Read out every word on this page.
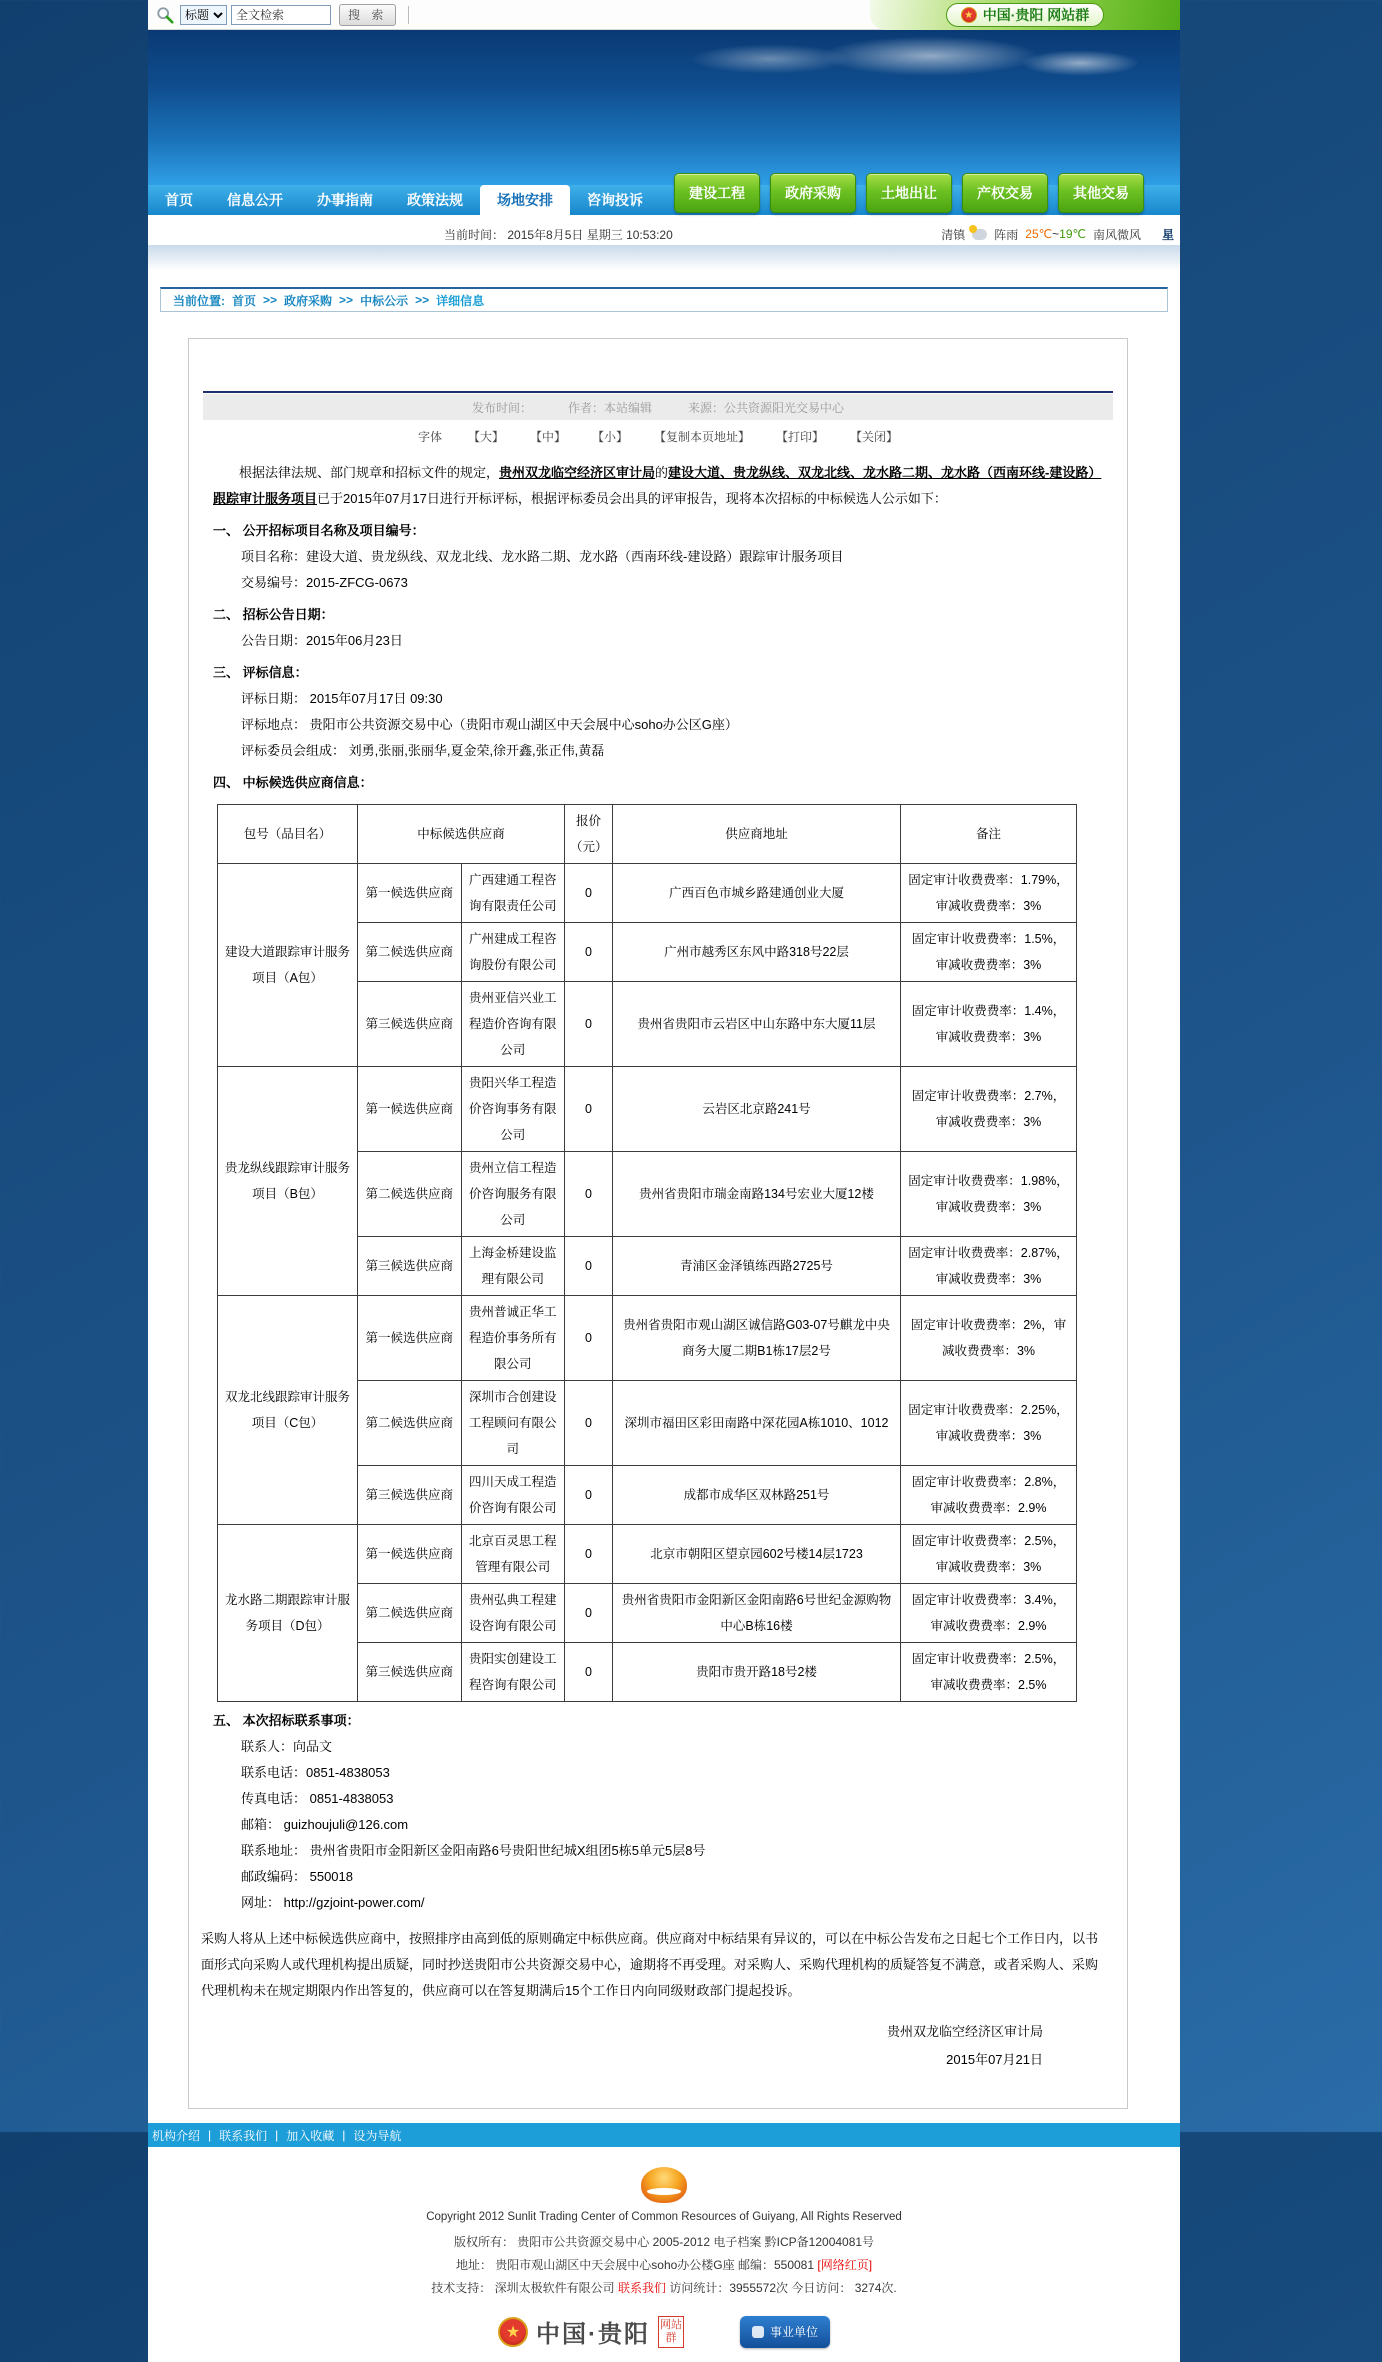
标题
全文检索
搜 索	★ 中国·贵阳 网站群
首页	信息公开	办事指南	政策法规	场地安排	咨询投诉	建设工程	政府采购	土地出让	产权交易	其他交易
当前时间： 2015年8月5日 星期三 10:53:20	清镇 阵雨 25℃~19℃ 南风微风 星
当前位置: 首页 >> 政府采购 >> 中标公示 >> 详细信息
发布时间：	作者：本站编辑	来源：公共资源阳光交易中心
字体 【大】 【中】 【小】 【复制本页地址】 【打印】 【关闭】

根据法律法规、部门规章和招标文件的规定，贵州双龙临空经济区审计局的建设大道、贵龙纵线、双龙北线、龙水路二期、龙水路（西南环线-建设路）跟踪审计服务项目已于2015年07月17日进行开标评标，根据评标委员会出具的评审报告，现将本次招标的中标候选人公示如下：

一、 公开招标项目名称及项目编号：
项目名称：建设大道、贵龙纵线、双龙北线、龙水路二期、龙水路（西南环线-建设路）跟踪审计服务项目
交易编号：2015-ZFCG-0673
二、 招标公告日期：
公告日期：2015年06月23日
三、 评标信息：
评标日期： 2015年07月17日 09:30
评标地点： 贵阳市公共资源交易中心（贵阳市观山湖区中天会展中心soho办公区G座）
评标委员会组成： 刘勇,张丽,张丽华,夏金荣,徐开鑫,张正伟,黄磊
四、 中标候选供应商信息：
包号（品目名）	中标候选供应商		报价（元）	供应商地址	备注
建设大道跟踪审计服务项目（A包）	第一候选供应商	广西建通工程咨询有限责任公司	0	广西百色市城乡路建通创业大厦	固定审计收费费率：1.79%，审减收费费率：3%
	第二候选供应商	广州建成工程咨询股份有限公司	0	广州市越秀区东风中路318号22层	固定审计收费费率：1.5%，审减收费费率：3%
	第三候选供应商	贵州亚信兴业工程造价咨询有限公司	0	贵州省贵阳市云岩区中山东路中东大厦11层	固定审计收费费率：1.4%，审减收费费率：3%
贵龙纵线跟踪审计服务项目（B包）	第一候选供应商	贵阳兴华工程造价咨询事务有限公司	0	云岩区北京路241号	固定审计收费费率：2.7%，审减收费费率：3%
	第二候选供应商	贵州立信工程造价咨询服务有限公司	0	贵州省贵阳市瑞金南路134号宏业大厦12楼	固定审计收费费率：1.98%，审减收费费率：3%
	第三候选供应商	上海金桥建设监理有限公司	0	青浦区金泽镇练西路2725号	固定审计收费费率：2.87%，审减收费费率：3%
双龙北线跟踪审计服务项目（C包）	第一候选供应商	贵州普诚正华工程造价事务所有限公司	0	贵州省贵阳市观山湖区诚信路G03-07号麒龙中央商务大厦二期B1栋17层2号	固定审计收费费率：2%，审减收费费率：3%
	第二候选供应商	深圳市合创建设工程顾问有限公司	0	深圳市福田区彩田南路中深花园A栋1010、1012	固定审计收费费率：2.25%，审减收费费率：3%
	第三候选供应商	四川天成工程造价咨询有限公司	0	成都市成华区双林路251号	固定审计收费费率：2.8%，审减收费费率：2.9%
龙水路二期跟踪审计服务项目（D包）	第一候选供应商	北京百灵思工程管理有限公司	0	北京市朝阳区望京园602号楼14层1723	固定审计收费费率：2.5%，审减收费费率：3%
	第二候选供应商	贵州弘典工程建设咨询有限公司	0	贵州省贵阳市金阳新区金阳南路6号世纪金源购物中心B栋16楼	固定审计收费费率：3.4%，审减收费费率：2.9%
	第三候选供应商	贵阳实创建设工程咨询有限公司	0	贵阳市贵开路18号2楼	固定审计收费费率：2.5%，审减收费费率：2.5%
五、 本次招标联系事项：
联系人：向品文
联系电话：0851-4838053
传真电话： 0851-4838053
邮箱： guizhoujuli@126.com
联系地址： 贵州省贵阳市金阳新区金阳南路6号贵阳世纪城X组团5栋5单元5层8号
邮政编码： 550018
网址： http://gzjoint-power.com/

采购人将从上述中标候选供应商中，按照排序由高到低的原则确定中标供应商。供应商对中标结果有异议的，可以在中标公告发布之日起七个工作日内，以书面形式向采购人或代理机构提出质疑，同时抄送贵阳市公共资源交易中心，逾期将不再受理。对采购人、采购代理机构的质疑答复不满意，或者采购人、采购代理机构未在规定期限内作出答复的，供应商可以在答复期满后15个工作日内向同级财政部门提起投诉。

贵州双龙临空经济区审计局
2015年07月21日
机构介绍 | 联系我们 | 加入收藏 | 设为导航
Copyright 2012 Sunlit Trading Center of Common Resources of Guiyang, All Rights Reserved
版权所有： 贵阳市公共资源交易中心 2005-2012 电子档案 黔ICP备12004081号
地址： 贵阳市观山湖区中天会展中心soho办公楼G座 邮编：550081 [网络红页]
技术支持： 深圳太极软件有限公司 联系我们 访问统计：3955572次 今日访问： 3274次.
★ 中国·贵阳 网站群	事业单位
